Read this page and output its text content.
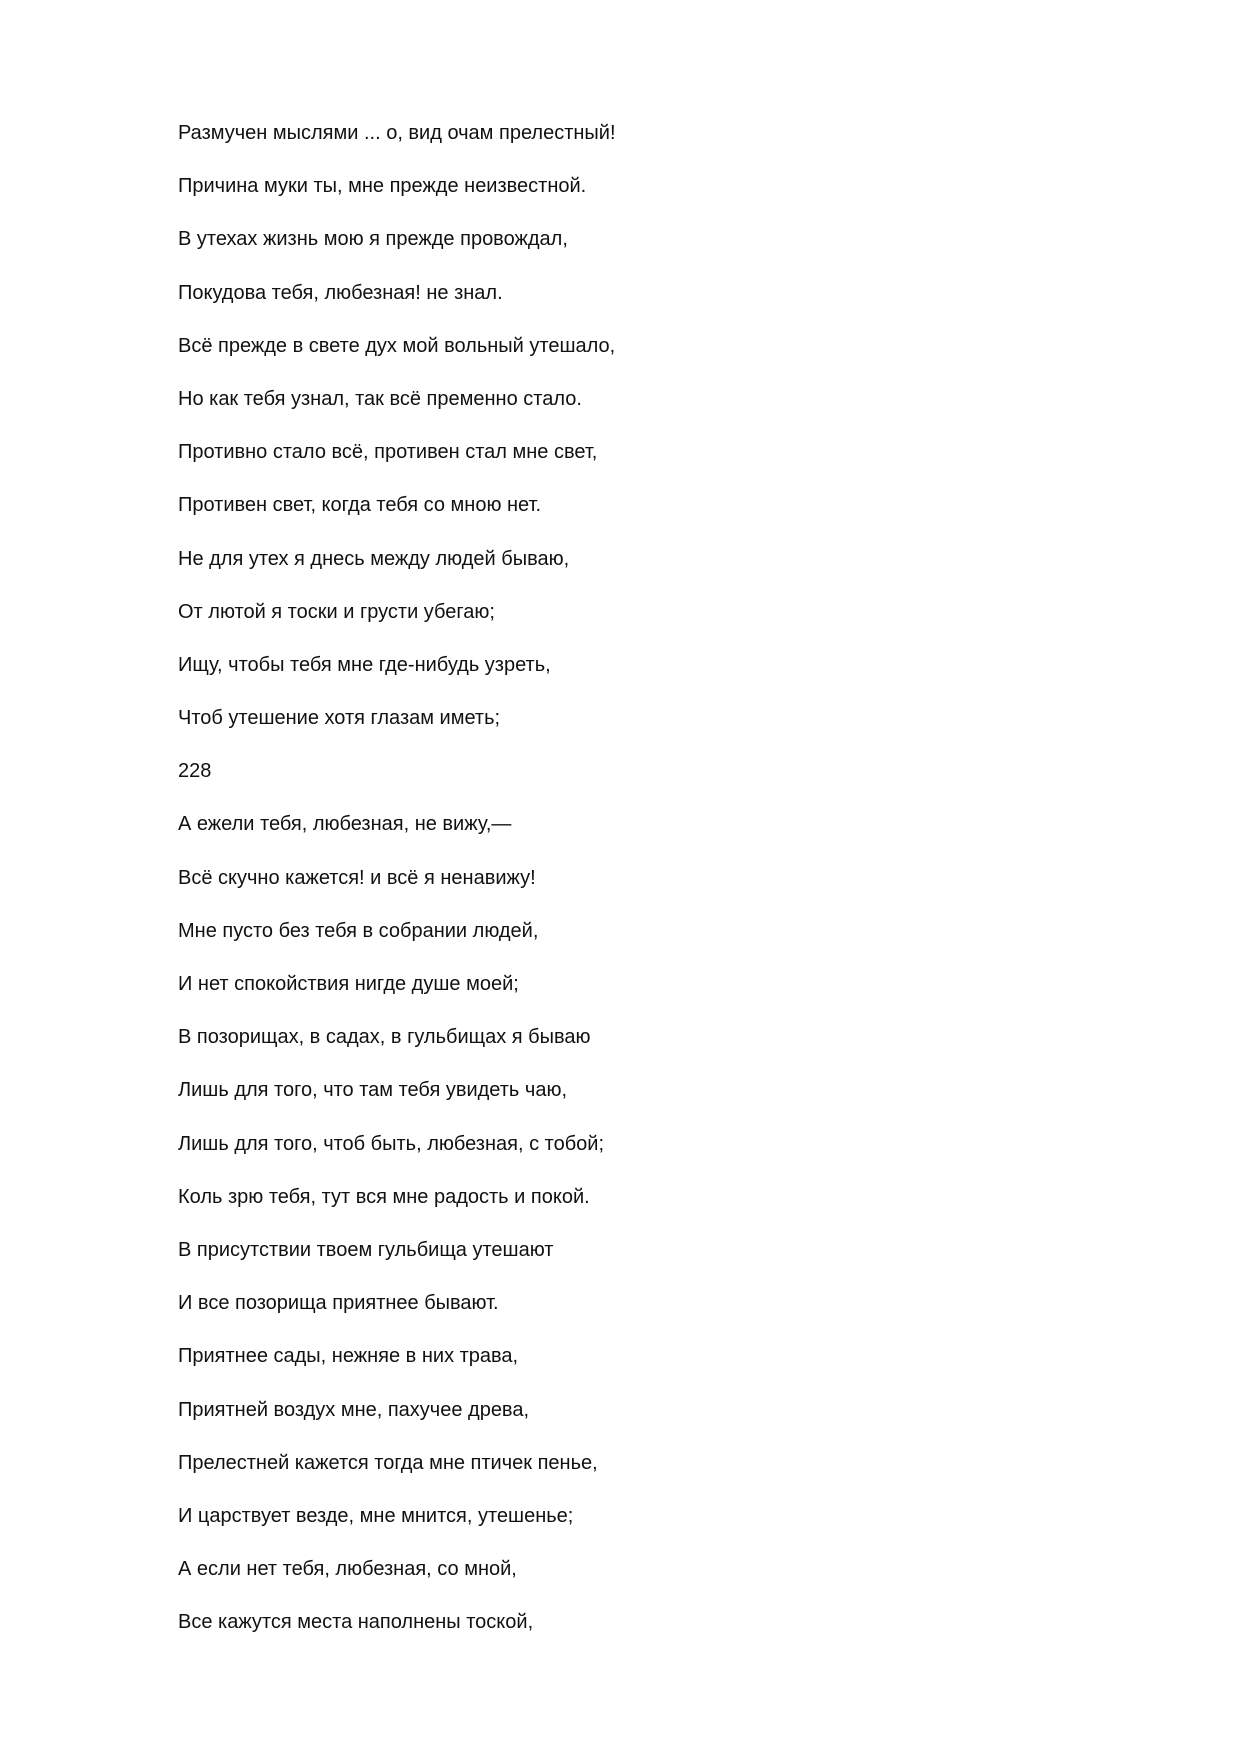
Размучен мыслями ... о, вид очам прелестный!
Причина муки ты, мне прежде неизвестной.
В утехах жизнь мою я прежде провождал,
Покудова тебя, любезная! не знал.
Всё прежде в свете дух мой вольный утешало,
Но как тебя узнал, так всё пременно стало.
Противно стало всё, противен стал мне свет,
Противен свет, когда тебя со мною нет.
Не для утех я днесь между людей бываю,
От лютой я тоски и грусти убегаю;
Ищу, чтобы тебя мне где-нибудь узреть,
Чтоб утешение хотя глазам иметь;
228
А ежели тебя, любезная, не вижу,—
Всё скучно кажется! и всё я ненавижу!
Мне пусто без тебя в собрании людей,
И нет спокойствия нигде душе моей;
В позорищах, в садах, в гульбищах я бываю
Лишь для того, что там тебя увидеть чаю,
Лишь для того, чтоб быть, любезная, с тобой;
Коль зрю тебя, тут вся мне радость и покой.
В присутствии твоем гульбища утешают
И все позорища приятнее бывают.
Приятнее сады, нежняе в них трава,
Приятней воздух мне, пахучее древа,
Прелестней кажется тогда мне птичек пенье,
И царствует везде, мне мнится, утешенье;
А если нет тебя, любезная, со мной,
Все кажутся места наполнены тоской,
